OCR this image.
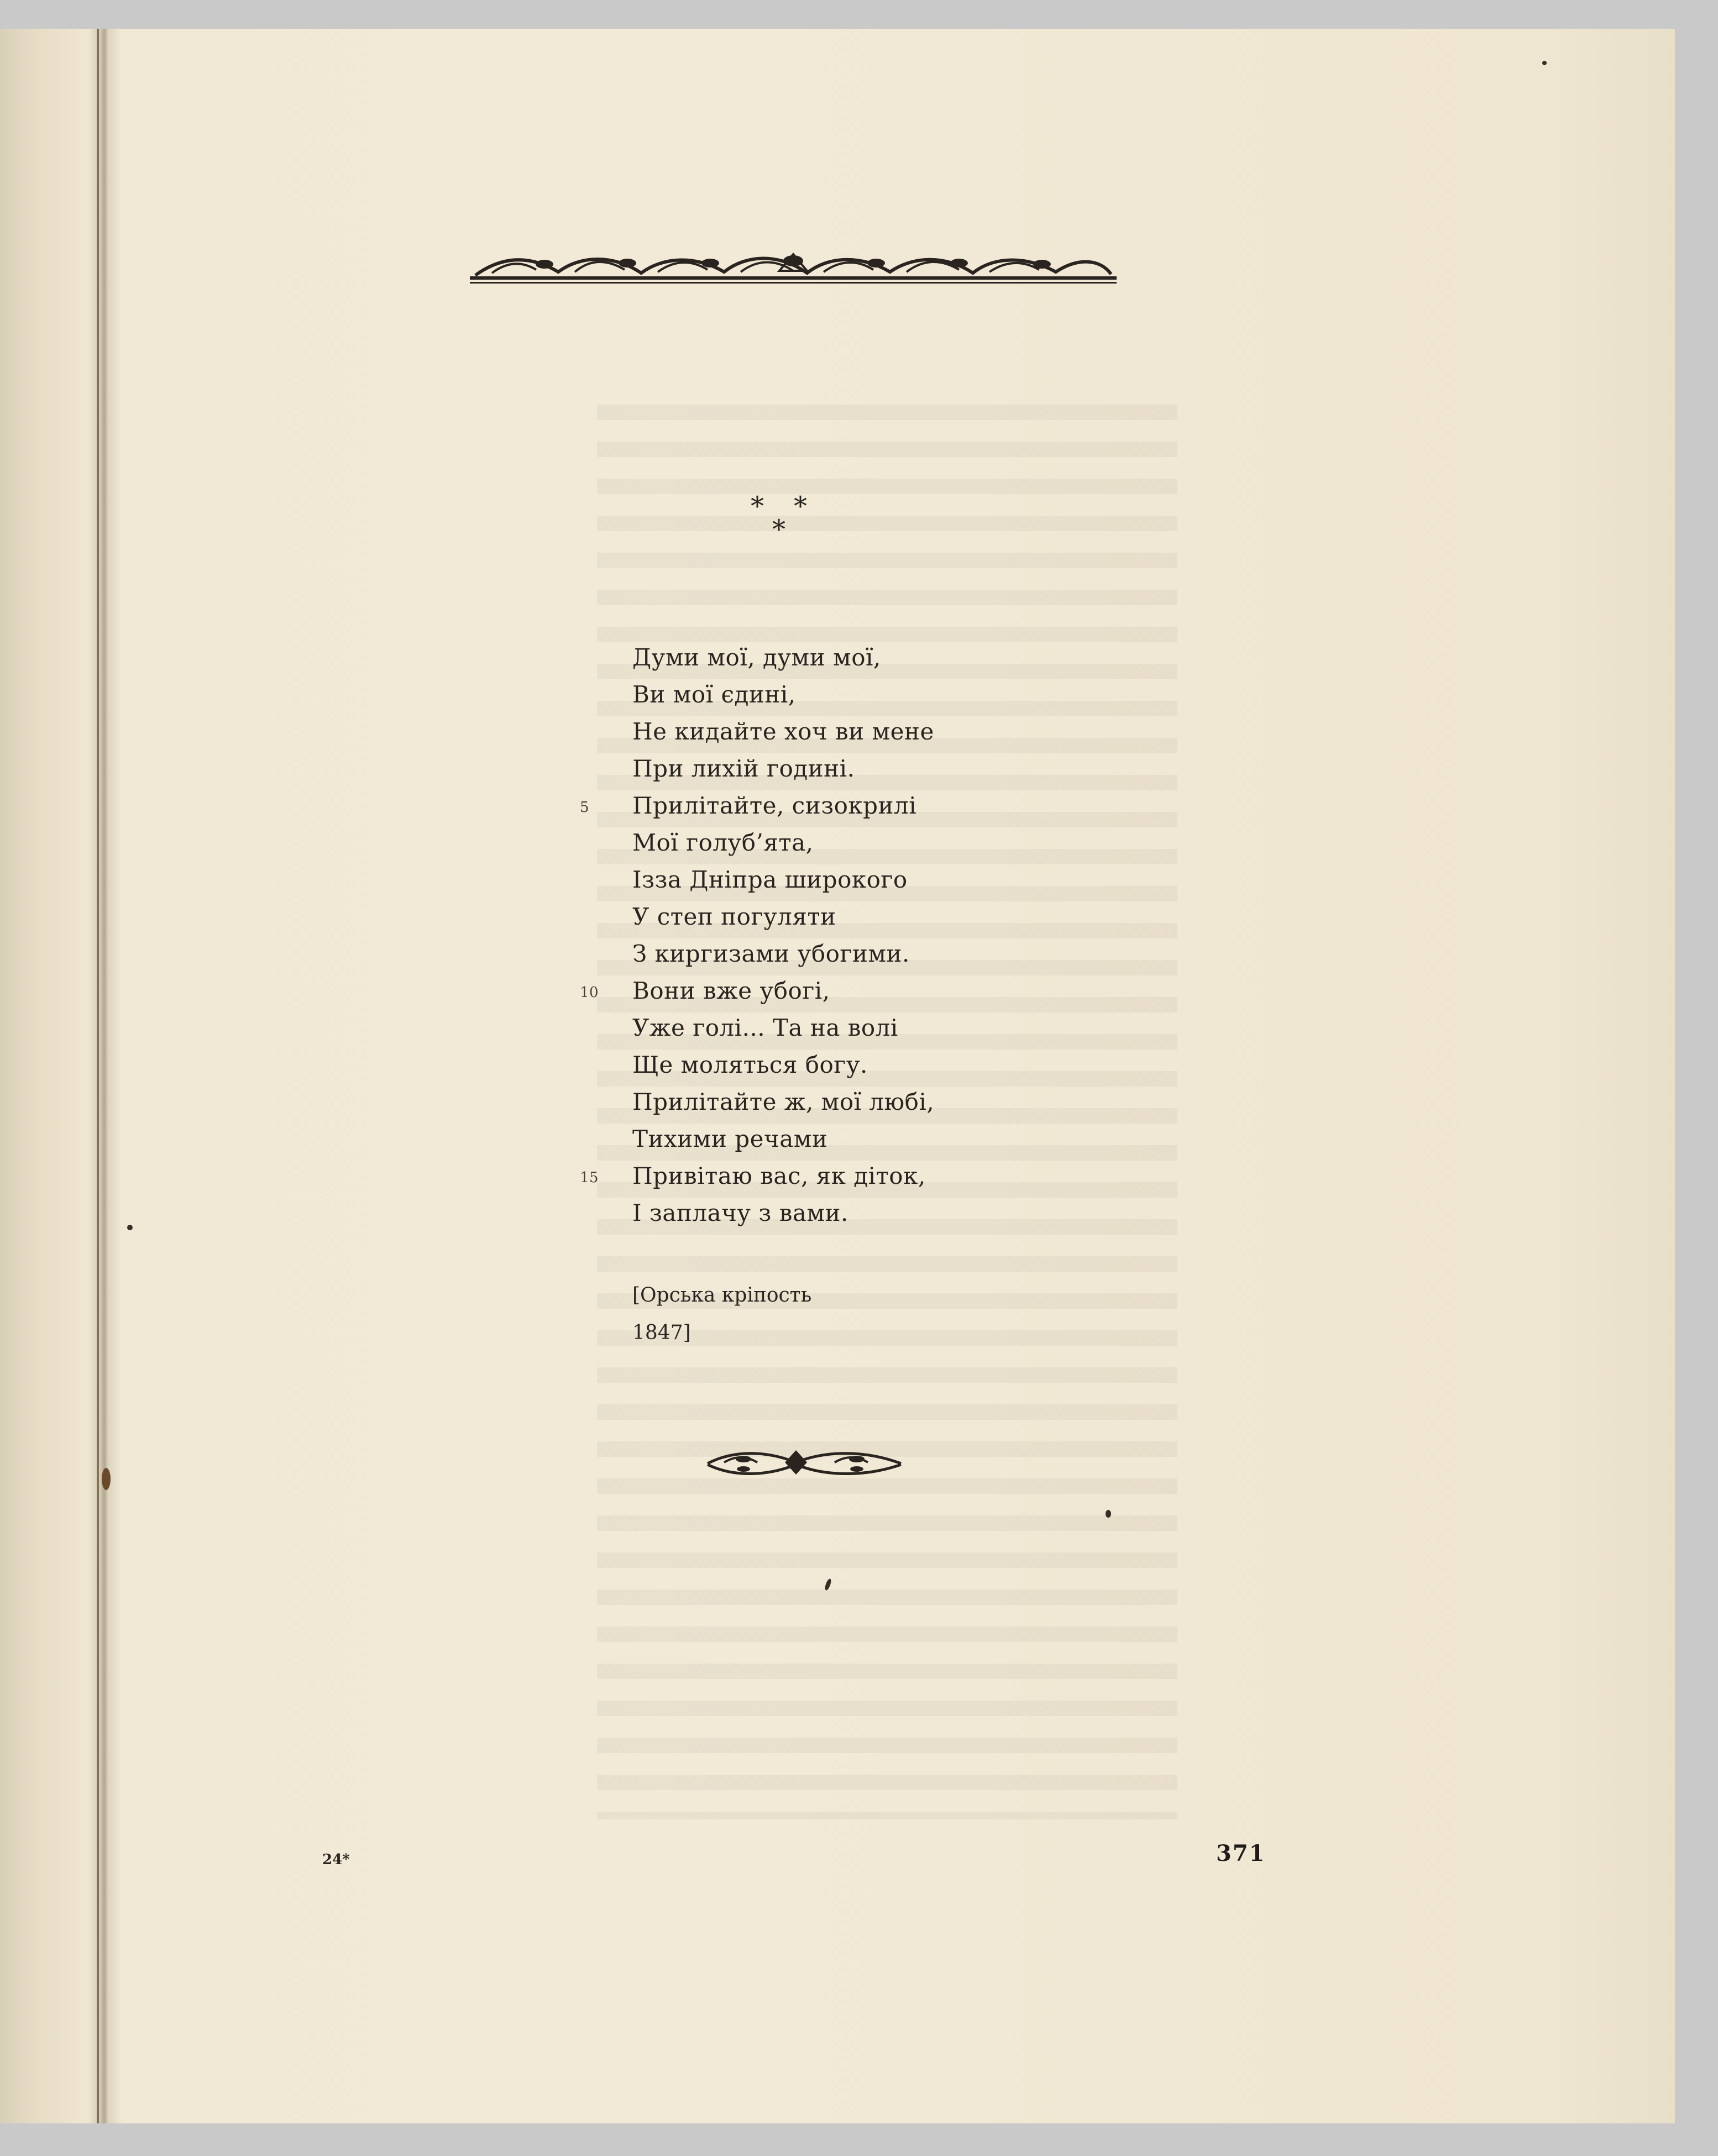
* *
*
Думи мої, думи мої,
Ви мої єдині,
Не кидайте хоч ви мене
При лихій годині.
5	Прилітайте, сизокрилі
Мої голуб’ята,
Ізза Дніпра широкого
У степ погуляти
З киргизами убогими.
10	Вони вже убогі,
Уже голі... Та на волі
Ще моляться богу.
Прилітайте ж, мої любі,
Тихими речами
15	Привітаю вас, як діток,
І заплачу з вами.
[Орська кріпость
1847]
24*	371
